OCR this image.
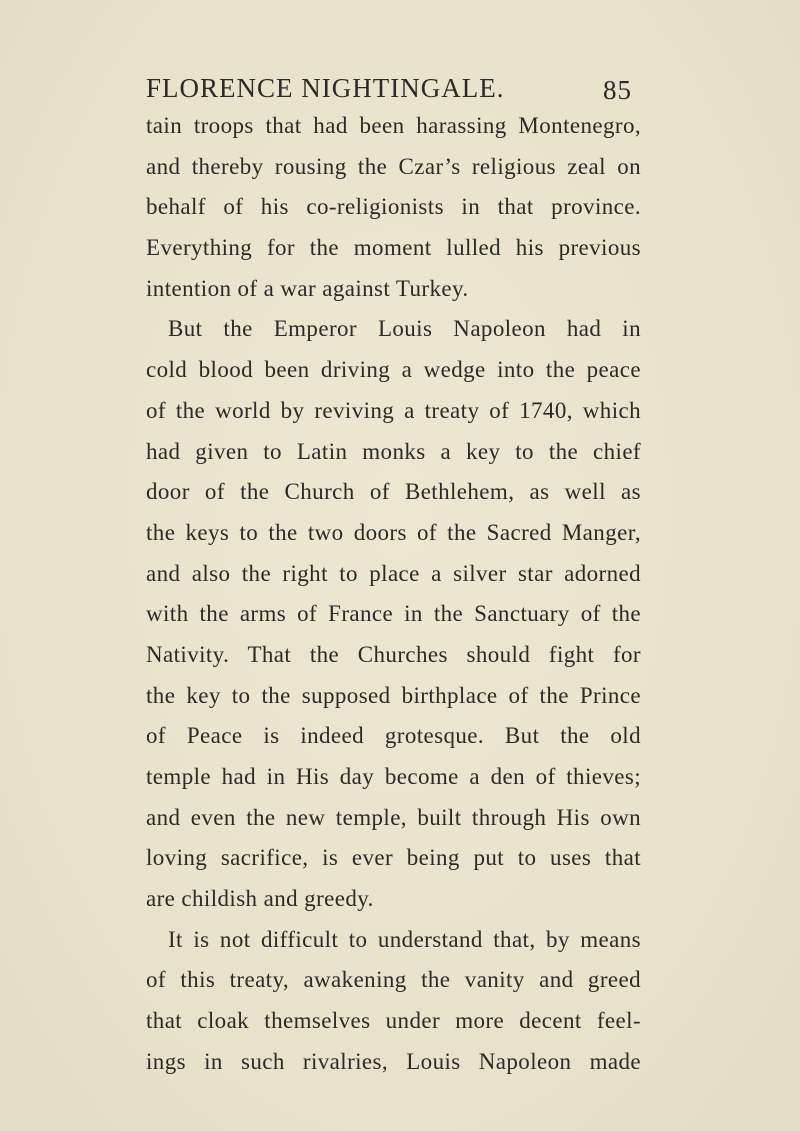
FLORENCE NIGHTINGALE.	85
tain troops that had been harassing Montenegro,
and thereby rousing the Czar’s religious zeal on
behalf of his co-religionists in that province.
Everything for the moment lulled his previous
intention of a war against Turkey.
But the Emperor Louis Napoleon had in
cold blood been driving a wedge into the peace
of the world by reviving a treaty of 1740, which
had given to Latin monks a key to the chief
door of the Church of Bethlehem, as well as
the keys to the two doors of the Sacred Manger,
and also the right to place a silver star adorned
with the arms of France in the Sanctuary of the
Nativity. That the Churches should fight for
the key to the supposed birthplace of the Prince
of Peace is indeed grotesque. But the old
temple had in His day become a den of thieves;
and even the new temple, built through His own
loving sacrifice, is ever being put to uses that
are childish and greedy.
It is not difficult to understand that, by means
of this treaty, awakening the vanity and greed
that cloak themselves under more decent feel-
ings in such rivalries, Louis Napoleon made
